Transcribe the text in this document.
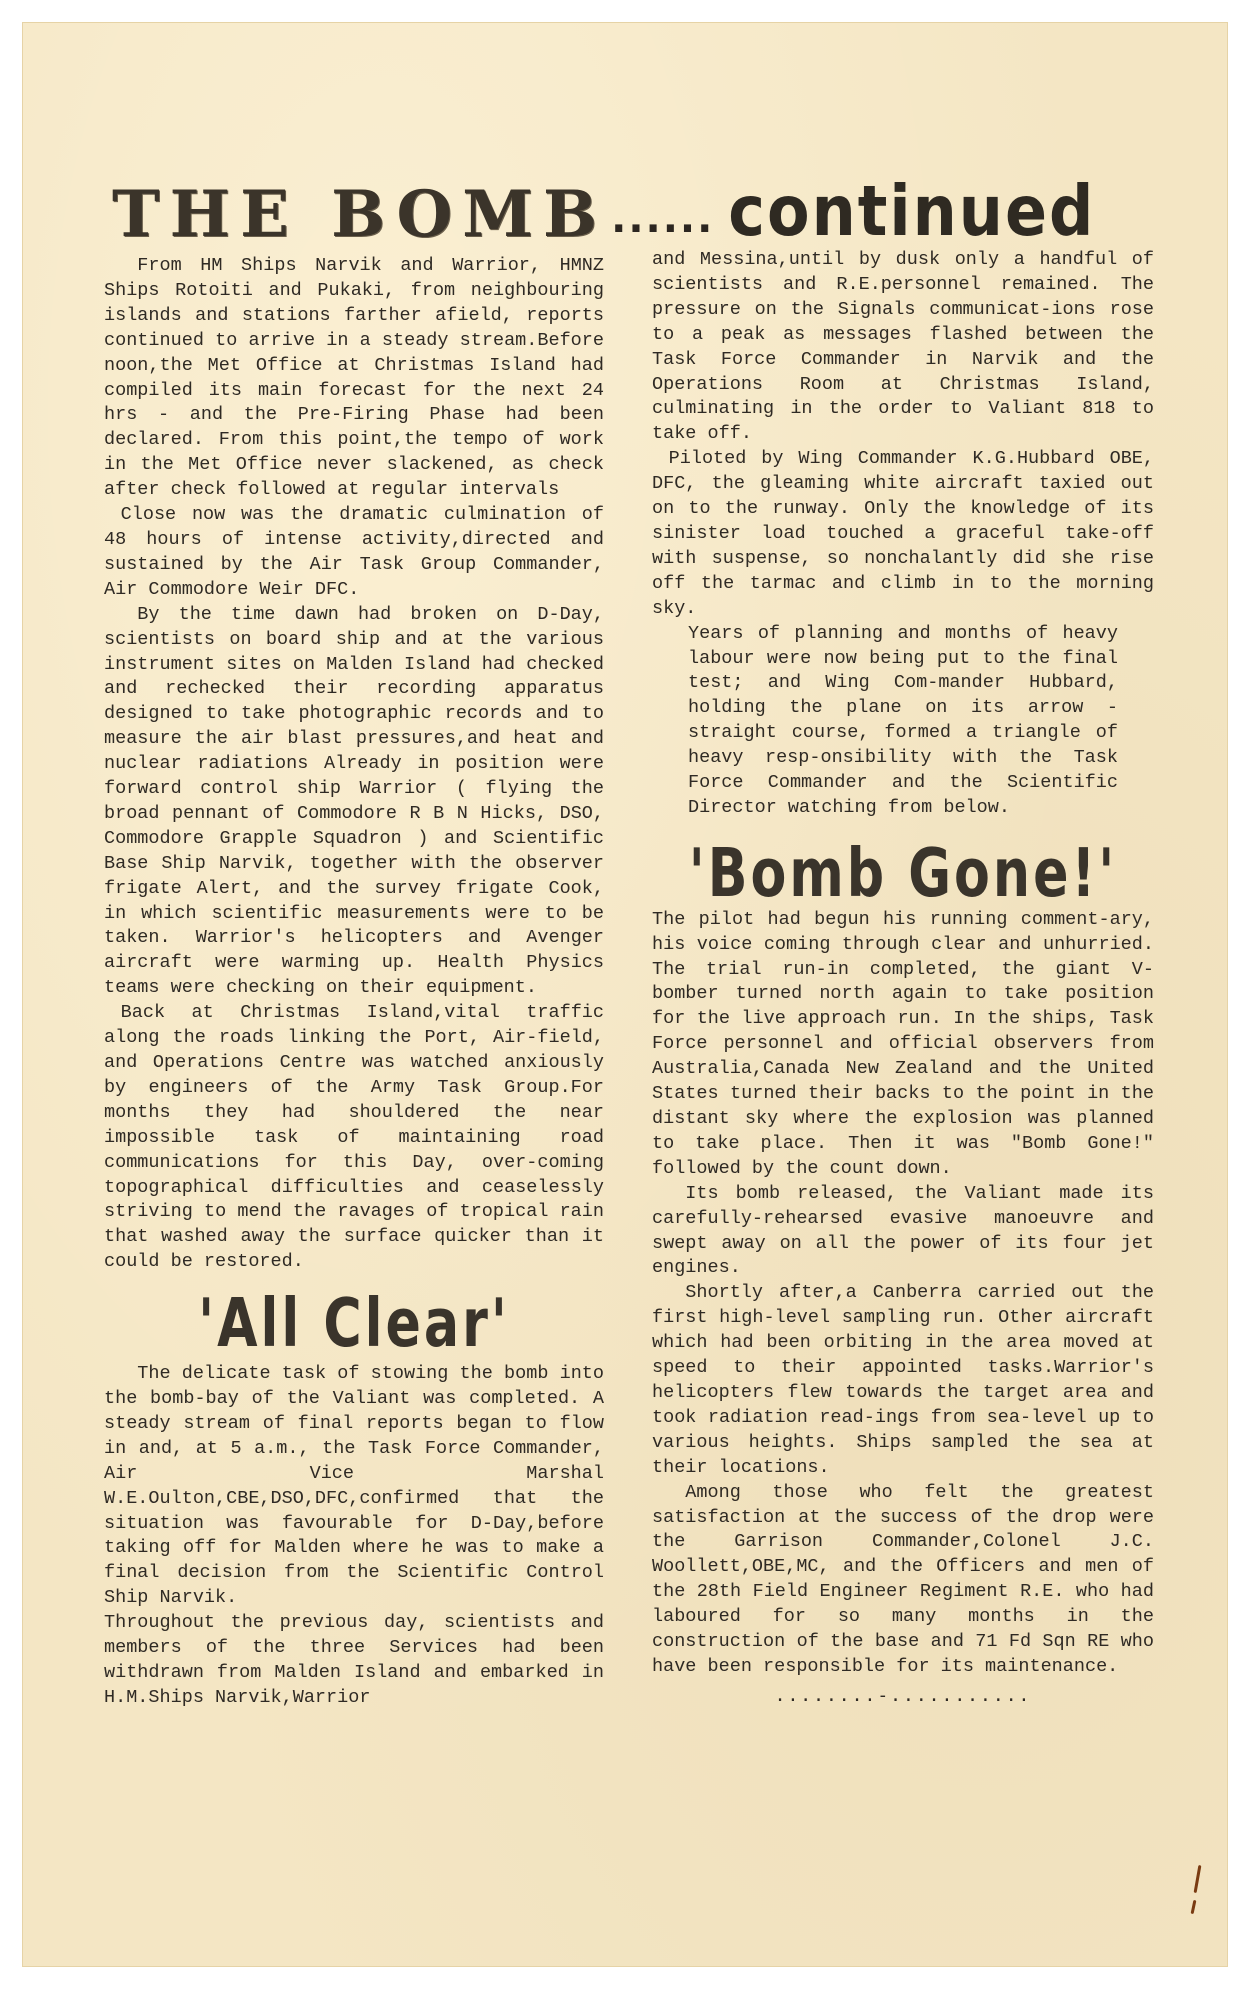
THE BOMB ...... continued

From HM Ships Narvik and Warrior, HMNZ Ships Rotoiti and Pukaki, from neighbouring islands and stations farther afield, reports continued to arrive in a steady stream.Before noon,the Met Office at Christmas Island had compiled its main forecast for the next 24 hrs - and the Pre-Firing Phase had been declared. From this point,the tempo of work in the Met Office never slackened, as check after check followed at regular intervals

Close now was the dramatic culmination of 48 hours of intense activity,directed and sustained by the Air Task Group Commander, Air Commodore Weir DFC.

By the time dawn had broken on D-Day, scientists on board ship and at the various instrument sites on Malden Island had checked and rechecked their recording apparatus designed to take photographic records and to measure the air blast pressures,and heat and nuclear radiations Already in position were forward control ship Warrior ( flying the broad pennant of Commodore R B N Hicks, DSO, Commodore Grapple Squadron ) and Scientific Base Ship Narvik, together with the observer frigate Alert, and the survey frigate Cook, in which scientific measurements were to be taken. Warrior's helicopters and Avenger aircraft were warming up. Health Physics teams were checking on their equipment.

Back at Christmas Island,vital traffic along the roads linking the Port, Air-field, and Operations Centre was watched anxiously by engineers of the Army Task Group.For months they had shouldered the near impossible task of maintaining road communications for this Day, over-coming topographical difficulties and ceaselessly striving to mend the ravages of tropical rain that washed away the surface quicker than it could be restored.

'All Clear'

The delicate task of stowing the bomb into the bomb-bay of the Valiant was completed. A steady stream of final reports began to flow in and, at 5 a.m., the Task Force Commander, Air Vice Marshal W.E.Oulton,CBE,DSO,DFC,confirmed that the situation was favourable for D-Day,before taking off for Malden where he was to make a final decision from the Scientific Control Ship Narvik.

Throughout the previous day, scientists and members of the three Services had been withdrawn from Malden Island and embarked in H.M.Ships Narvik,Warrior

and Messina,until by dusk only a handful of scientists and R.E.personnel remained. The pressure on the Signals communicat-ions rose to a peak as messages flashed between the Task Force Commander in Narvik and the Operations Room at Christmas Island, culminating in the order to Valiant 818 to take off.

Piloted by Wing Commander K.G.Hubbard OBE, DFC, the gleaming white aircraft taxied out on to the runway. Only the knowledge of its sinister load touched a graceful take-off with suspense, so nonchalantly did she rise off the tarmac and climb in to the morning sky.

Years of planning and months of heavy labour were now being put to the final test; and Wing Com-mander Hubbard, holding the plane on its arrow - straight course, formed a triangle of heavy resp-onsibility with the Task Force Commander and the Scientific Director watching from below.

'Bomb Gone!'

The pilot had begun his running comment-ary, his voice coming through clear and unhurried. The trial run-in completed, the giant V-bomber turned north again to take position for the live approach run. In the ships, Task Force personnel and official observers from Australia,Canada New Zealand and the United States turned their backs to the point in the distant sky where the explosion was planned to take place. Then it was "Bomb Gone!" followed by the count down.

Its bomb released, the Valiant made its carefully-rehearsed evasive manoeuvre and swept away on all the power of its four jet engines.

Shortly after,a Canberra carried out the first high-level sampling run. Other aircraft which had been orbiting in the area moved at speed to their appointed tasks.Warrior's helicopters flew towards the target area and took radiation read-ings from sea-level up to various heights. Ships sampled the sea at their locations.

Among those who felt the greatest satisfaction at the success of the drop were the Garrison Commander,Colonel J.C. Woollett,OBE,MC, and the Officers and men of the 28th Field Engineer Regiment R.E. who had laboured for so many months in the construction of the base and 71 Fd Sqn RE who have been responsible for its maintenance.

........-...........
